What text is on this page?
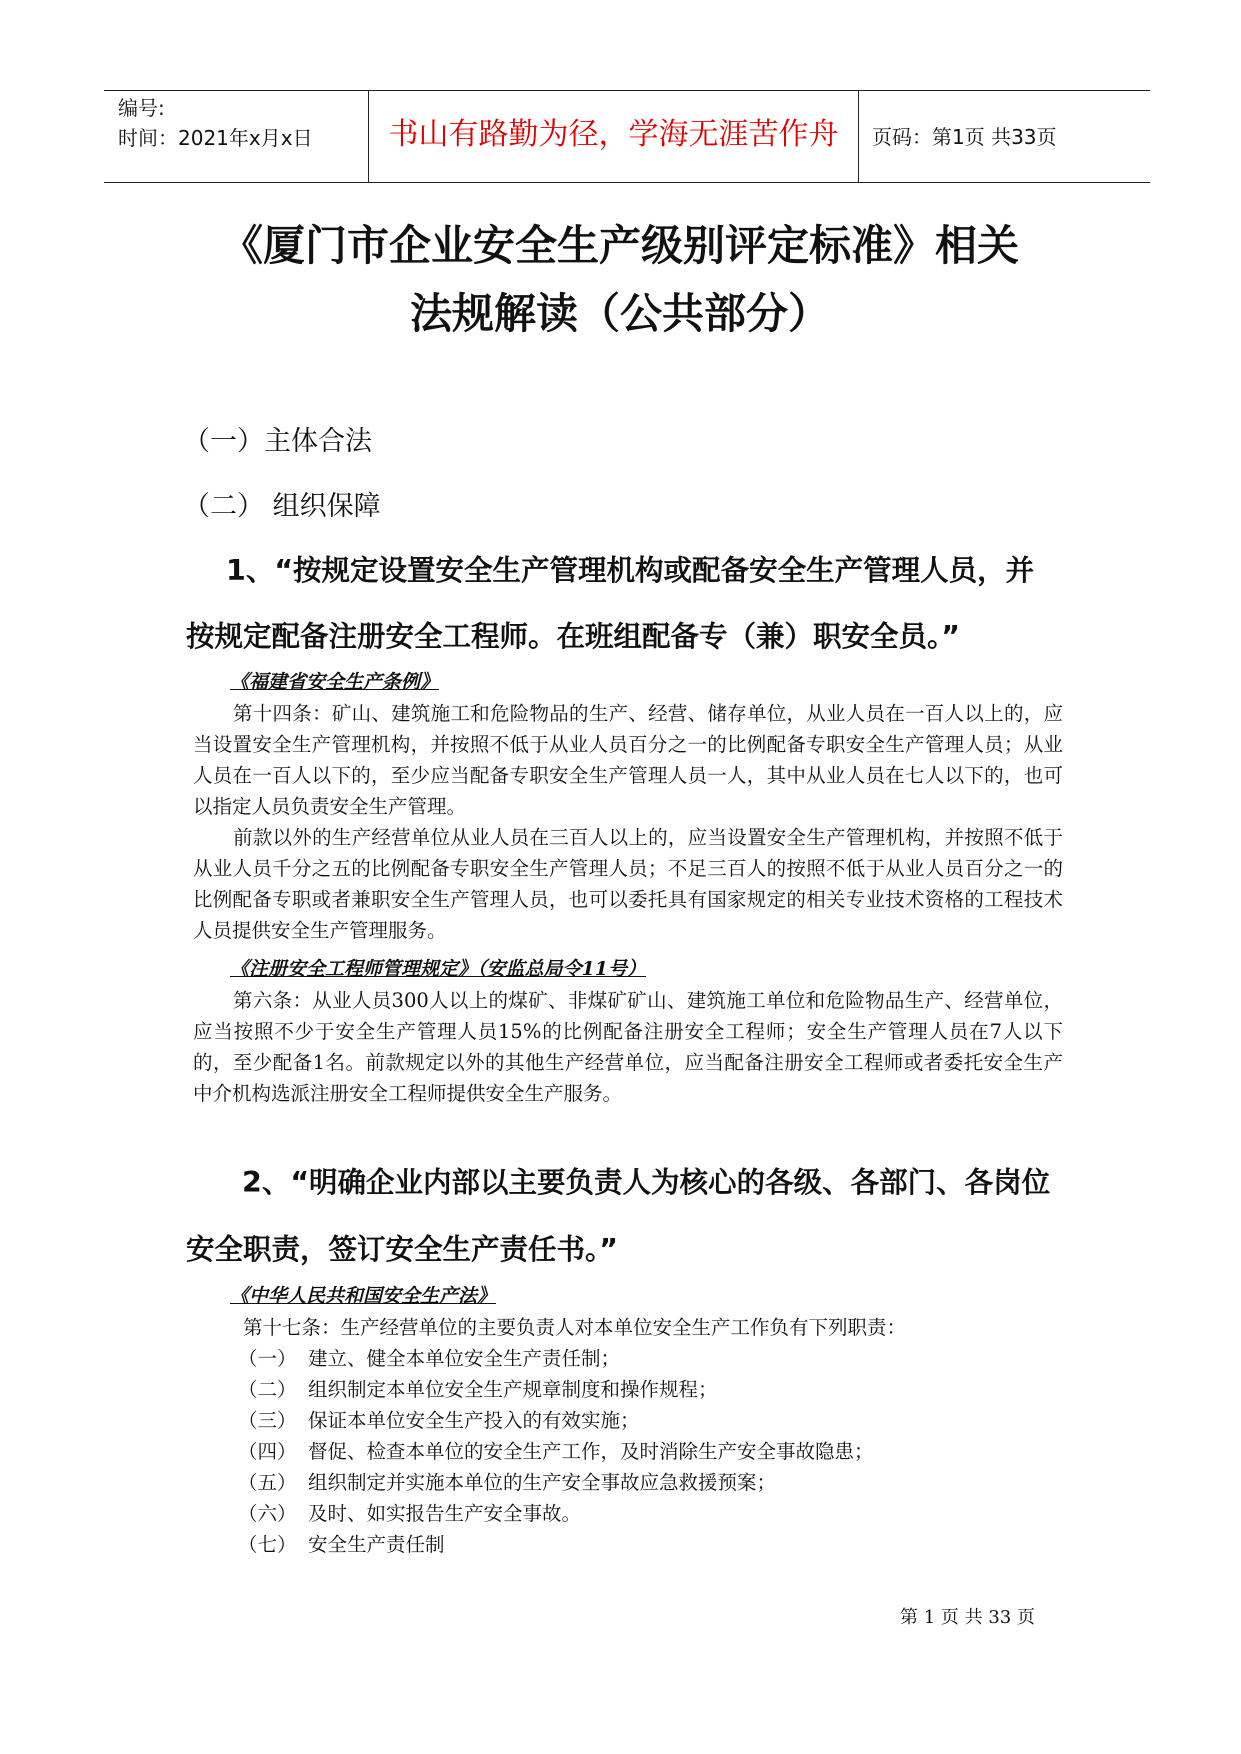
编号:
时间：2021年x月x日	书山有路勤为径，学海无涯苦作舟	页码：第1页 共33页
《厦门市企业安全生产级别评定标准》相关
法规解读（公共部分）
（一）主体合法
（二） 组织保障
1、“按规定设置安全生产管理机构或配备安全生产管理人员，并
按规定配备注册安全工程师。在班组配备专（兼）职安全员。”
《福建省安全生产条例》

第十四条：矿山、建筑施工和危险物品的生产、经营、储存单位，从业人员在一百人以上的，应当设置安全生产管理机构，并按照不低于从业人员百分之一的比例配备专职安全生产管理人员；从业人员在一百人以下的，至少应当配备专职安全生产管理人员一人，其中从业人员在七人以下的，也可以指定人员负责安全生产管理。

前款以外的生产经营单位从业人员在三百人以上的，应当设置安全生产管理机构，并按照不低于从业人员千分之五的比例配备专职安全生产管理人员；不足三百人的按照不低于从业人员百分之一的比例配备专职或者兼职安全生产管理人员，也可以委托具有国家规定的相关专业技术资格的工程技术人员提供安全生产管理服务。

《注册安全工程师管理规定》（安监总局令11号）

第六条：从业人员300人以上的煤矿、非煤矿矿山、建筑施工单位和危险物品生产、经营单位，应当按照不少于安全生产管理人员15%的比例配备注册安全工程师；安全生产管理人员在7人以下的，至少配备1名。前款规定以外的其他生产经营单位，应当配备注册安全工程师或者委托安全生产中介机构选派注册安全工程师提供安全生产服务。

2、“明确企业内部以主要负责人为核心的各级、各部门、各岗位
安全职责，签订安全生产责任书。”
《中华人民共和国安全生产法》
第十七条：生产经营单位的主要负责人对本单位安全生产工作负有下列职责：
（一） 建立、健全本单位安全生产责任制；
（二） 组织制定本单位安全生产规章制度和操作规程；
（三） 保证本单位安全生产投入的有效实施；
（四） 督促、检查本单位的安全生产工作，及时消除生产安全事故隐患；
（五） 组织制定并实施本单位的生产安全事故应急救援预案；
（六） 及时、如实报告生产安全事故。
（七） 安全生产责任制
第 1 页 共 33 页
